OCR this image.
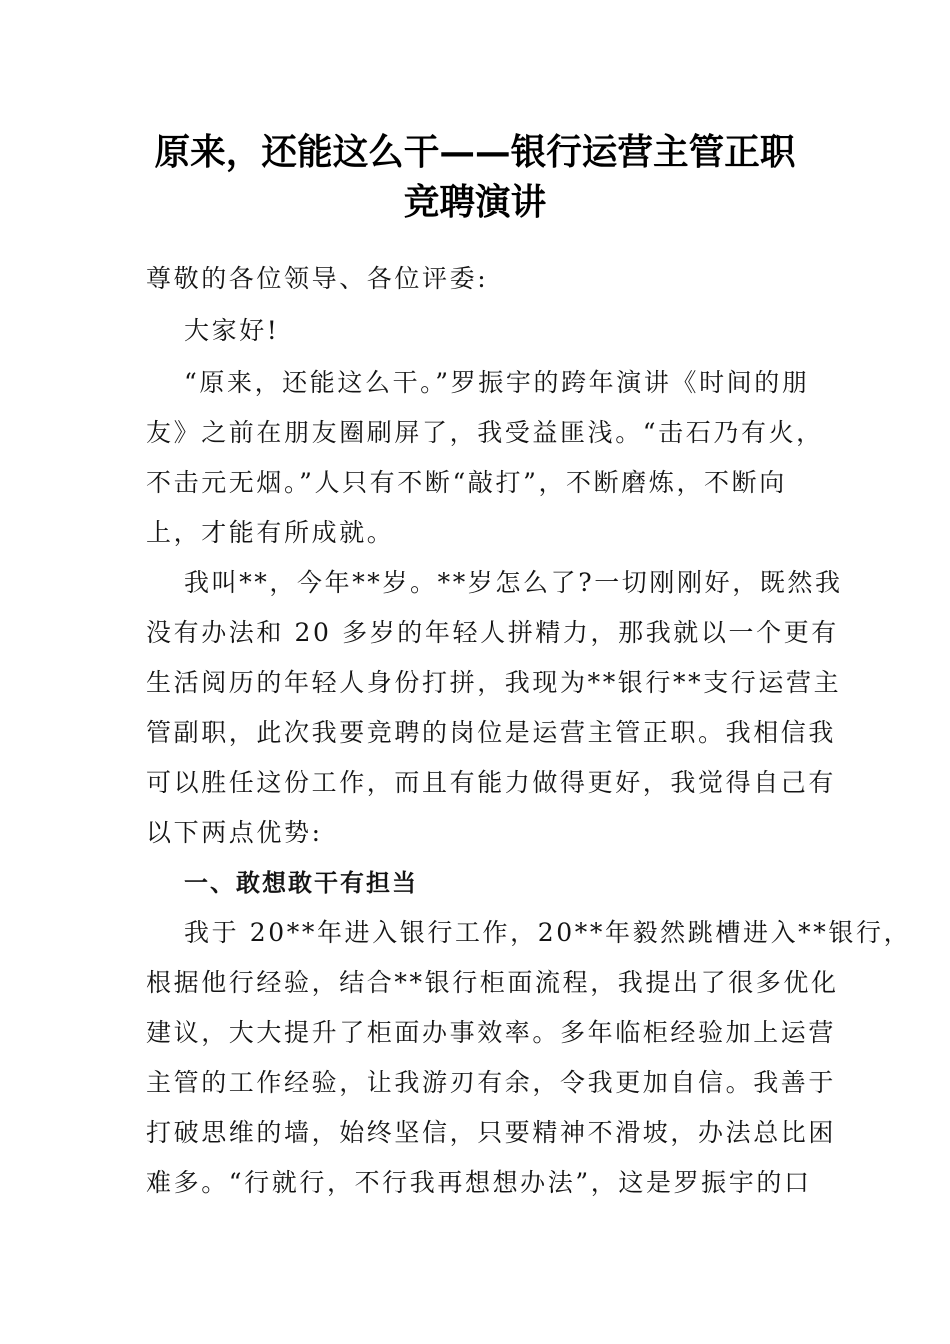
原来，还能这么干——银行运营主管正职
竞聘演讲
尊敬的各位领导、各位评委:
大家好!
“原来，还能这么干。”罗振宇的跨年演讲《时间的朋
友》之前在朋友圈刷屏了，我受益匪浅。“击石乃有火，
不击元无烟。”人只有不断“敲打”，不断磨炼，不断向
上，才能有所成就。
我叫**，今年**岁。**岁怎么了?一切刚刚好，既然我
没有办法和 20 多岁的年轻人拼精力，那我就以一个更有
生活阅历的年轻人身份打拼，我现为**银行**支行运营主
管副职，此次我要竞聘的岗位是运营主管正职。我相信我
可以胜任这份工作，而且有能力做得更好，我觉得自己有
以下两点优势:
一、敢想敢干有担当
我于 20**年进入银行工作，20**年毅然跳槽进入**银行，
根据他行经验，结合**银行柜面流程，我提出了很多优化
建议，大大提升了柜面办事效率。多年临柜经验加上运营
主管的工作经验，让我游刃有余，令我更加自信。我善于
打破思维的墙，始终坚信，只要精神不滑坡，办法总比困
难多。“行就行，不行我再想想办法”，这是罗振宇的口
